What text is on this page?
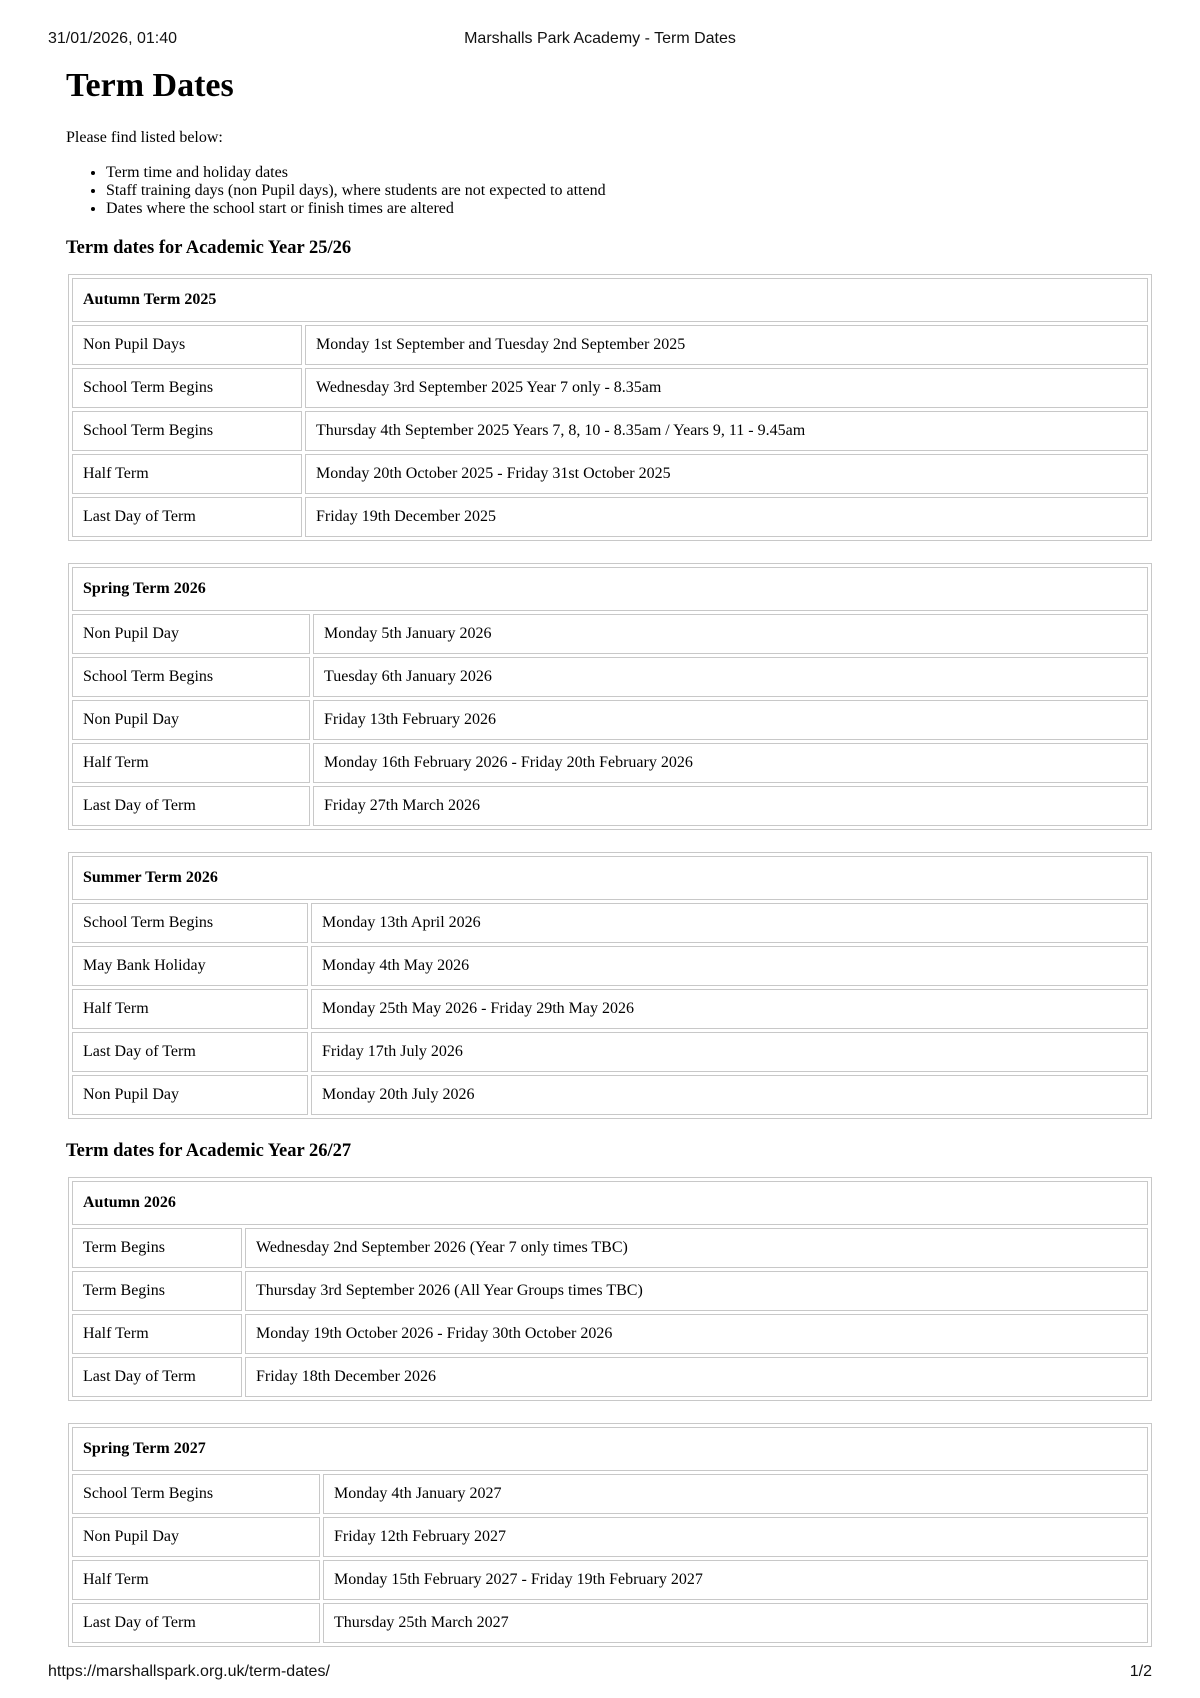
31/01/2026, 01:40	Marshalls Park Academy - Term Dates
Term Dates

Please find listed below:

• Term time and holiday dates
• Staff training days (non Pupil days), where students are not expected to attend
• Dates where the school start or finish times are altered
Term dates for Academic Year 25/26
Autumn Term 2025	
Non Pupil Days	Monday 1st September and Tuesday 2nd September 2025
School Term Begins	Wednesday 3rd September 2025 Year 7 only - 8.35am
School Term Begins	Thursday 4th September 2025 Years 7, 8, 10 - 8.35am / Years 9, 11 - 9.45am
Half Term	Monday 20th October 2025 - Friday 31st October 2025
Last Day of Term	Friday 19th December 2025
Spring Term 2026	
Non Pupil Day	Monday 5th January 2026
School Term Begins	Tuesday 6th January 2026
Non Pupil Day	Friday 13th February 2026
Half Term	Monday 16th February 2026 - Friday 20th February 2026
Last Day of Term	Friday 27th March 2026
Summer Term 2026	
School Term Begins	Monday 13th April 2026
May Bank Holiday	Monday 4th May 2026
Half Term	Monday 25th May 2026 - Friday 29th May 2026
Last Day of Term	Friday 17th July 2026
Non Pupil Day	Monday 20th July 2026
Term dates for Academic Year 26/27
Autumn 2026	
Term Begins	Wednesday 2nd September 2026 (Year 7 only times TBC)
Term Begins	Thursday 3rd September 2026 (All Year Groups times TBC)
Half Term	Monday 19th October 2026 - Friday 30th October 2026
Last Day of Term	Friday 18th December 2026
Spring Term 2027	
School Term Begins	Monday 4th January 2027
Non Pupil Day	Friday 12th February 2027
Half Term	Monday 15th February 2027 - Friday 19th February 2027
Last Day of Term	Thursday 25th March 2027
https://marshallspark.org.uk/term-dates/	1/2
